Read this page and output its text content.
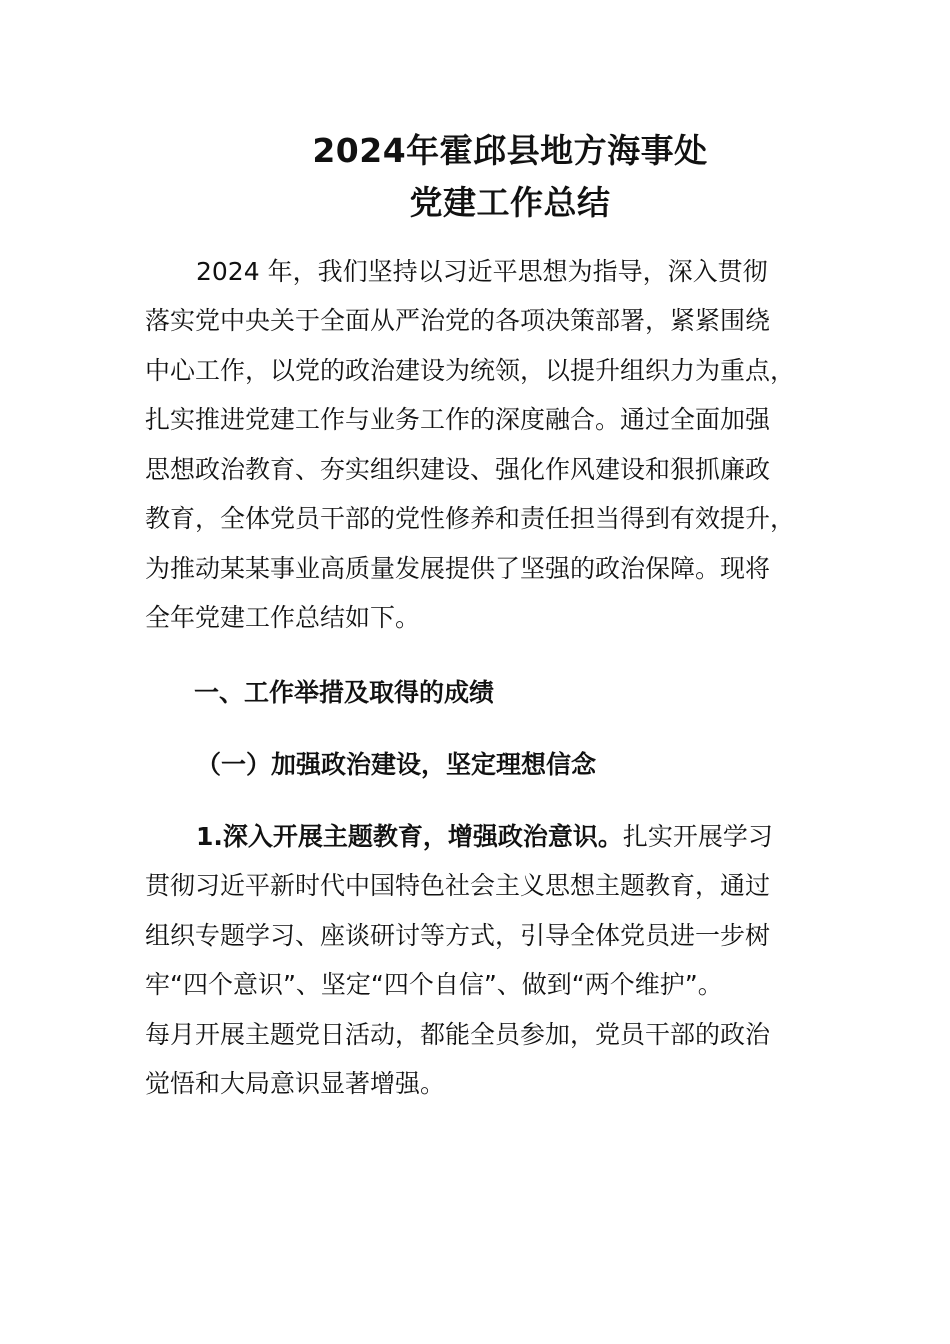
2024年霍邱县地方海事处
党建工作总结
2024 年，我们坚持以习近平思想为指导，深入贯彻
落实党中央关于全面从严治党的各项决策部署，紧紧围绕
中心工作，以党的政治建设为统领，以提升组织力为重点，
扎实推进党建工作与业务工作的深度融合。通过全面加强
思想政治教育、夯实组织建设、强化作风建设和狠抓廉政
教育，全体党员干部的党性修养和责任担当得到有效提升，
为推动某某事业高质量发展提供了坚强的政治保障。现将
全年党建工作总结如下。
一、工作举措及取得的成绩
（一）加强政治建设，坚定理想信念
1.深入开展主题教育，增强政治意识。扎实开展学习
贯彻习近平新时代中国特色社会主义思想主题教育，通过
组织专题学习、座谈研讨等方式，引导全体党员进一步树
牢“四个意识”、坚定“四个自信”、做到“两个维护”。
每月开展主题党日活动，都能全员参加，党员干部的政治
觉悟和大局意识显著增强。
